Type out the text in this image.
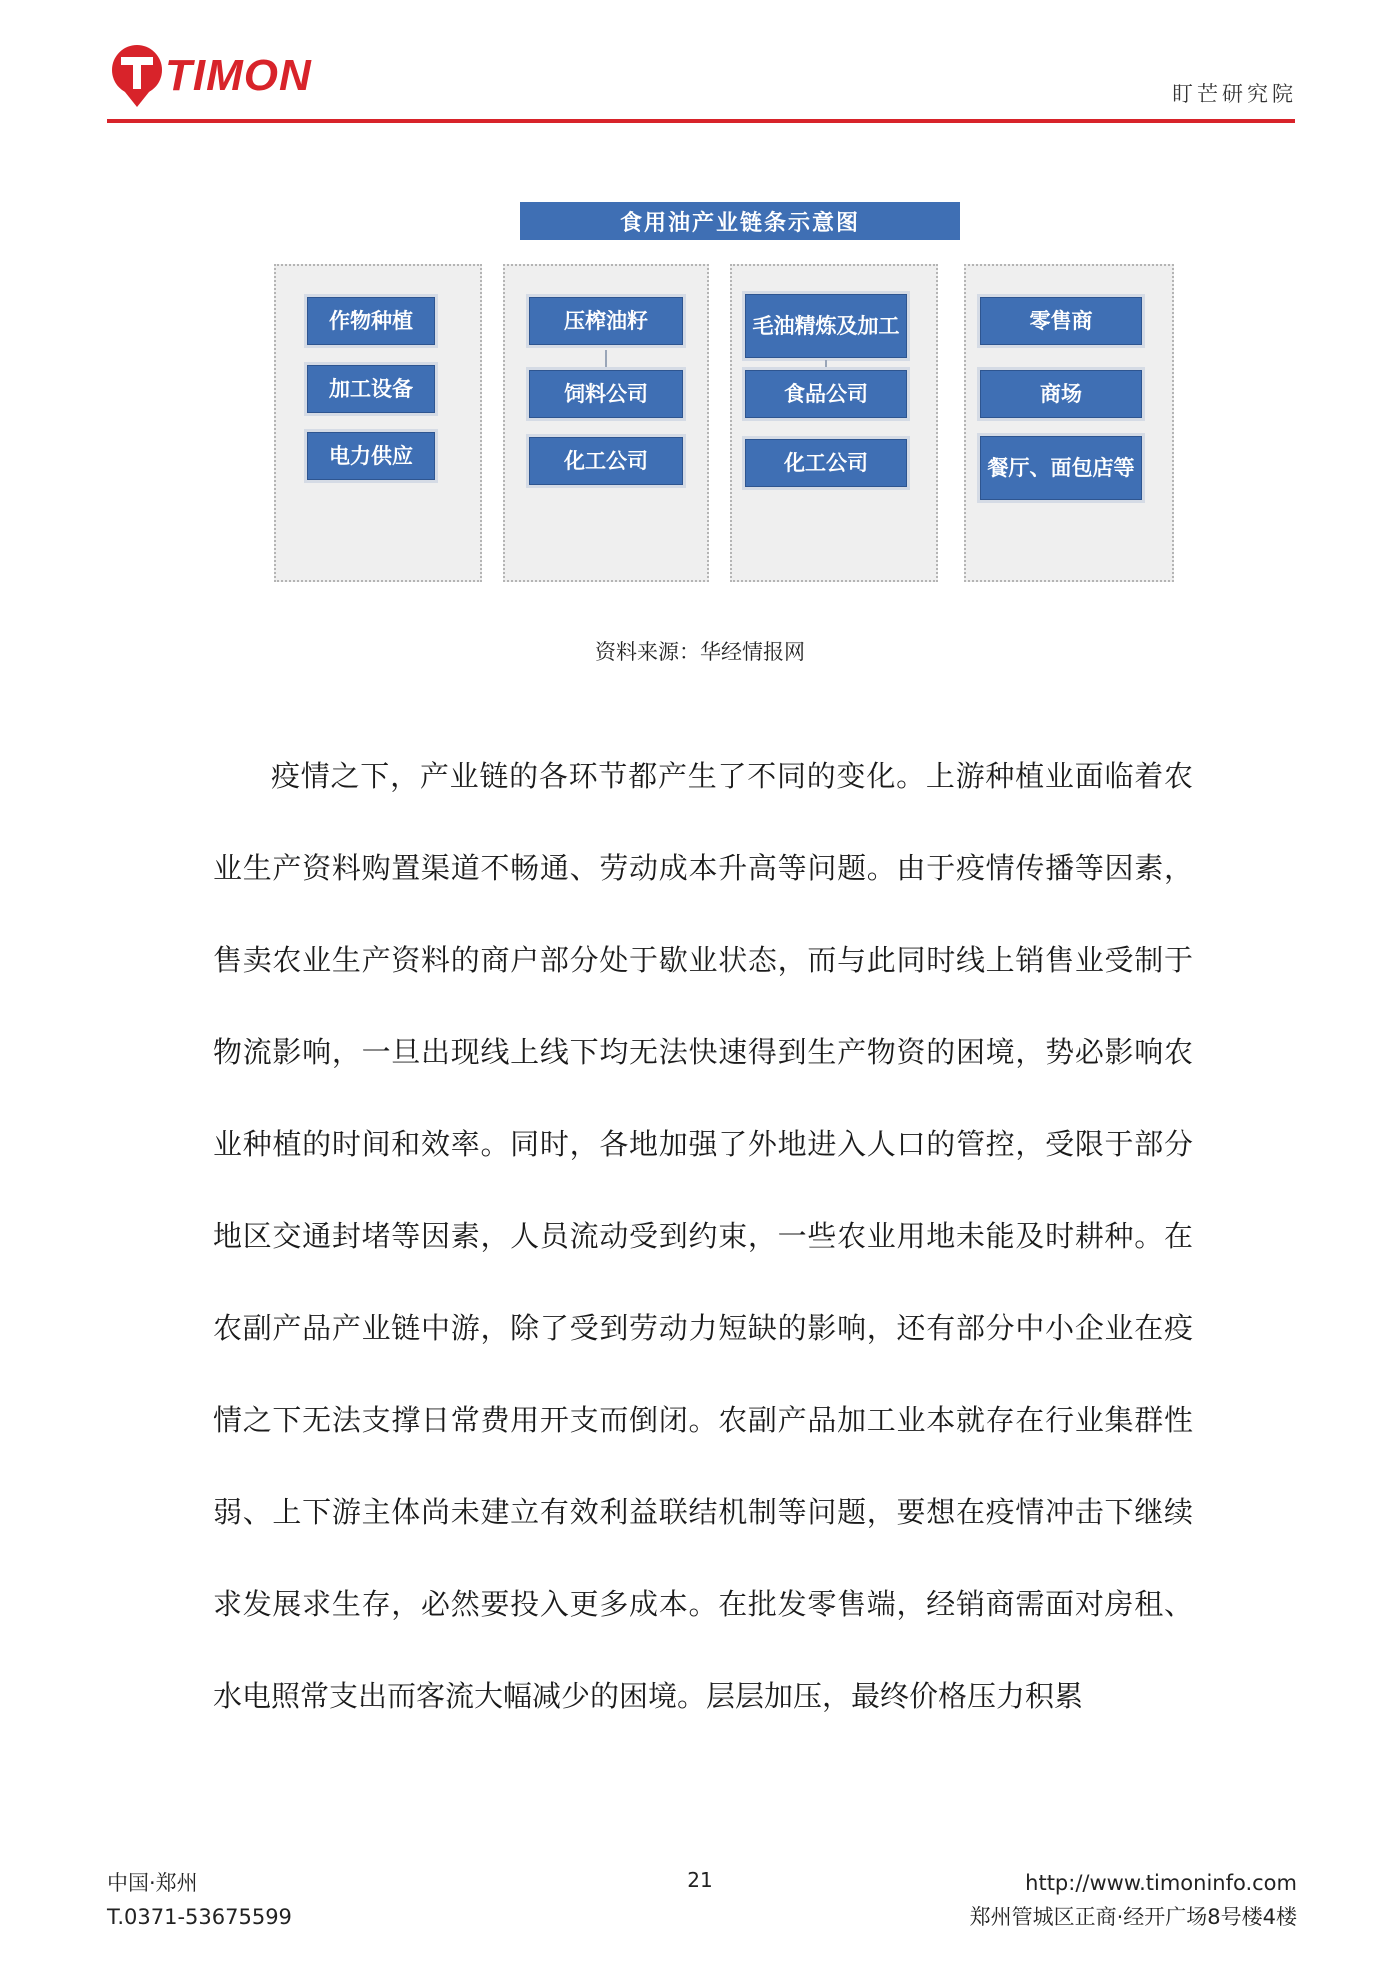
TIMON	盯芒研究院
食用油产业链条示意图
作物种植
加工设备
电力供应
压榨油籽
饲料公司
化工公司
毛油精炼及加工
食品公司
化工公司
零售商
商场
餐厅、面包店等
资料来源：华经情报网

疫情之下，产业链的各环节都产生了不同的变化。上游种植业面临着农业生产资料购置渠道不畅通、劳动成本升高等问题。由于疫情传播等因素，售卖农业生产资料的商户部分处于歇业状态，而与此同时线上销售业受制于物流影响，一旦出现线上线下均无法快速得到生产物资的困境，势必影响农业种植的时间和效率。同时，各地加强了外地进入人口的管控，受限于部分地区交通封堵等因素，人员流动受到约束，一些农业用地未能及时耕种。在农副产品产业链中游，除了受到劳动力短缺的影响，还有部分中小企业在疫情之下无法支撑日常费用开支而倒闭。农副产品加工业本就存在行业集群性弱、上下游主体尚未建立有效利益联结机制等问题，要想在疫情冲击下继续求发展求生存，必然要投入更多成本。在批发零售端，经销商需面对房租、水电照常支出而客流大幅减少的困境。层层加压，最终价格压力积累

中国·郑州
T.0371-53675599
21	http://www.timoninfo.com
郑州管城区正商·经开广场8号楼4楼
